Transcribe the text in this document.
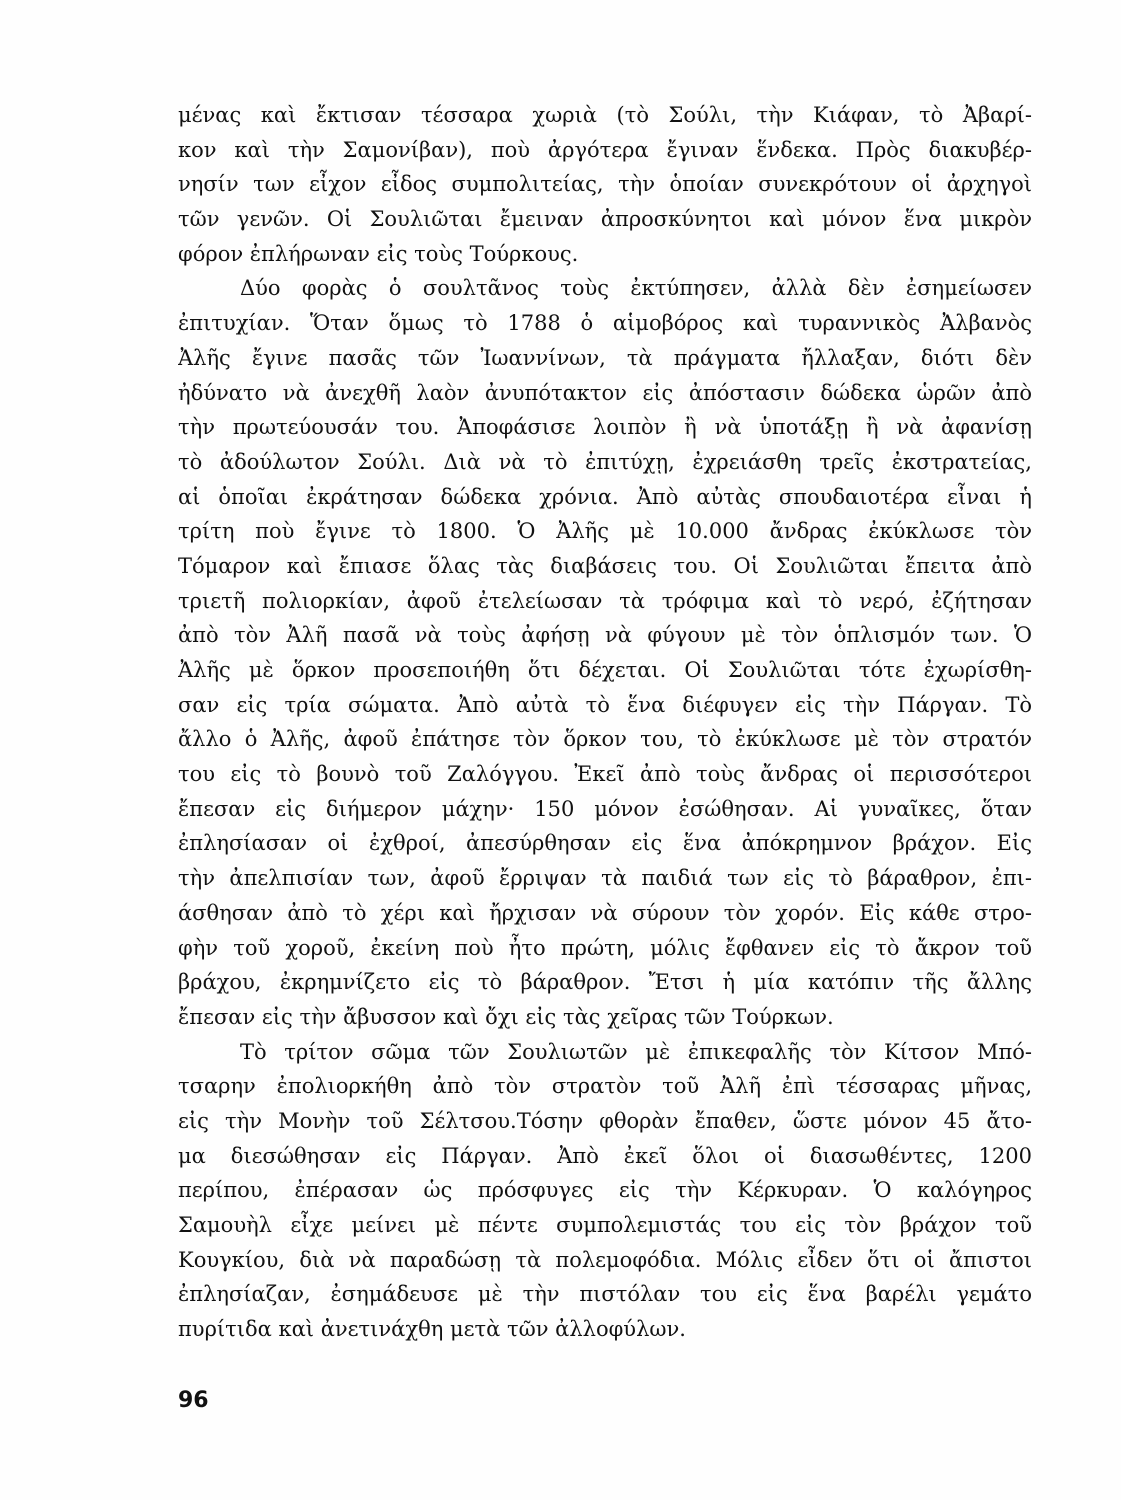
μένας καὶ ἔκτισαν τέσσαρα χωριὰ (τὸ Σούλι, τὴν Κιάφαν, τὸ Ἀβαρί-
κον καὶ τὴν Σαμονίβαν), ποὺ ἀργότερα ἔγιναν ἕνδεκα. Πρὸς διακυβέρ-
νησίν των εἶχον εἶδος συμπολιτείας, τὴν ὁποίαν συνεκρότουν οἱ ἀρχηγοὶ
τῶν γενῶν. Οἱ Σουλιῶται ἔμειναν ἀπροσκύνητοι καὶ μόνον ἕνα μικρὸν
φόρον ἐπλήρωναν εἰς τοὺς Τούρκους.
Δύο φορὰς ὁ σουλτᾶνος τοὺς ἐκτύπησεν, ἀλλὰ δὲν ἐσημείωσεν
ἐπιτυχίαν. Ὅταν ὅμως τὸ 1788 ὁ αἱμοβόρος καὶ τυραννικὸς Ἀλβανὸς
Ἀλῆς ἔγινε πασᾶς τῶν Ἰωαννίνων, τὰ πράγματα ἤλλαξαν, διότι δὲν
ἠδύνατο νὰ ἀνεχθῆ λαὸν ἀνυπότακτον εἰς ἀπόστασιν δώδεκα ὡρῶν ἀπὸ
τὴν πρωτεύουσάν του. Ἀποφάσισε λοιπὸν ἢ νὰ ὑποτάξῃ ἢ νὰ ἀφανίσῃ
τὸ ἀδούλωτον Σούλι. Διὰ νὰ τὸ ἐπιτύχῃ, ἐχρειάσθη τρεῖς ἐκστρατείας,
αἱ ὁποῖαι ἐκράτησαν δώδεκα χρόνια. Ἀπὸ αὐτὰς σπουδαιοτέρα εἶναι ἡ
τρίτη ποὺ ἔγινε τὸ 1800. Ὁ Ἀλῆς μὲ 10.000 ἄνδρας ἐκύκλωσε τὸν
Τόμαρον καὶ ἔπιασε ὅλας τὰς διαβάσεις του. Οἱ Σουλιῶται ἔπειτα ἀπὸ
τριετῆ πολιορκίαν, ἀφοῦ ἐτελείωσαν τὰ τρόφιμα καὶ τὸ νερό, ἐζήτησαν
ἀπὸ τὸν Ἀλῆ πασᾶ νὰ τοὺς ἀφήσῃ νὰ φύγουν μὲ τὸν ὁπλισμόν των. Ὁ
Ἀλῆς μὲ ὅρκον προσεποιήθη ὅτι δέχεται. Οἱ Σουλιῶται τότε ἐχωρίσθη-
σαν εἰς τρία σώματα. Ἀπὸ αὐτὰ τὸ ἕνα διέφυγεν εἰς τὴν Πάργαν. Τὸ
ἄλλο ὁ Ἀλῆς, ἀφοῦ ἐπάτησε τὸν ὅρκον του, τὸ ἐκύκλωσε μὲ τὸν στρατόν
του εἰς τὸ βουνὸ τοῦ Ζαλόγγου. Ἐκεῖ ἀπὸ τοὺς ἄνδρας οἱ περισσότεροι
ἔπεσαν εἰς διήμερον μάχην· 150 μόνον ἐσώθησαν. Αἱ γυναῖκες, ὅταν
ἐπλησίασαν οἱ ἐχθροί, ἀπεσύρθησαν εἰς ἕνα ἀπόκρημνον βράχον. Εἰς
τὴν ἀπελπισίαν των, ἀφοῦ ἔρριψαν τὰ παιδιά των εἰς τὸ βάραθρον, ἐπι-
άσθησαν ἀπὸ τὸ χέρι καὶ ἤρχισαν νὰ σύρουν τὸν χορόν. Εἰς κάθε στρο-
φὴν τοῦ χοροῦ, ἐκείνη ποὺ ἦτο πρώτη, μόλις ἔφθανεν εἰς τὸ ἄκρον τοῦ
βράχου, ἐκρημνίζετο εἰς τὸ βάραθρον. Ἔτσι ἡ μία κατόπιν τῆς ἄλλης
ἔπεσαν εἰς τὴν ἄβυσσον καὶ ὄχι εἰς τὰς χεῖρας τῶν Τούρκων.
Τὸ τρίτον σῶμα τῶν Σουλιωτῶν μὲ ἐπικεφαλῆς τὸν Κίτσον Μπό-
τσαρην ἐπολιορκήθη ἀπὸ τὸν στρατὸν τοῦ Ἀλῆ ἐπὶ τέσσαρας μῆνας,
εἰς τὴν Μονὴν τοῦ Σέλτσου.Τόσην φθορὰν ἔπαθεν, ὥστε μόνον 45 ἄτο-
μα διεσώθησαν εἰς Πάργαν. Ἀπὸ ἐκεῖ ὅλοι οἱ διασωθέντες, 1200
περίπου, ἐπέρασαν ὡς πρόσφυγες εἰς τὴν Κέρκυραν. Ὁ καλόγηρος
Σαμουὴλ εἶχε μείνει μὲ πέντε συμπολεμιστάς του εἰς τὸν βράχον τοῦ
Κουγκίου, διὰ νὰ παραδώσῃ τὰ πολεμοφόδια. Μόλις εἶδεν ὅτι οἱ ἄπιστοι
ἐπλησίαζαν, ἐσημάδευσε μὲ τὴν πιστόλαν του εἰς ἕνα βαρέλι γεμάτο
πυρίτιδα καὶ ἀνετινάχθη μετὰ τῶν ἀλλοφύλων.
96
